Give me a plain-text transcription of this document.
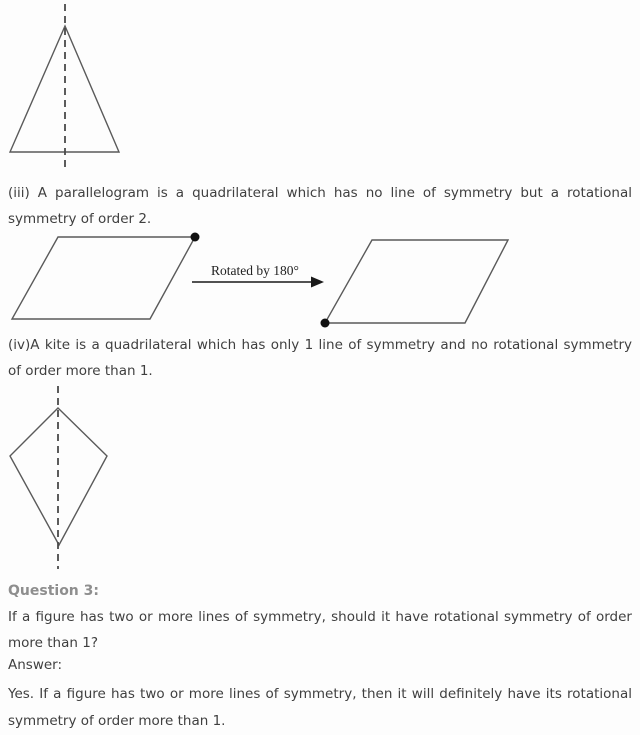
(iii) A parallelogram is a quadrilateral which has no line of symmetry but a rotational symmetry of order 2.

Rotated by 180°

(iv)A kite is a quadrilateral which has only 1 line of symmetry and no rotational symmetry of order more than 1.

Question 3:

If a figure has two or more lines of symmetry, should it have rotational symmetry of order more than 1?

Answer:

Yes. If a figure has two or more lines of symmetry, then it will definitely have its rotational symmetry of order more than 1.
